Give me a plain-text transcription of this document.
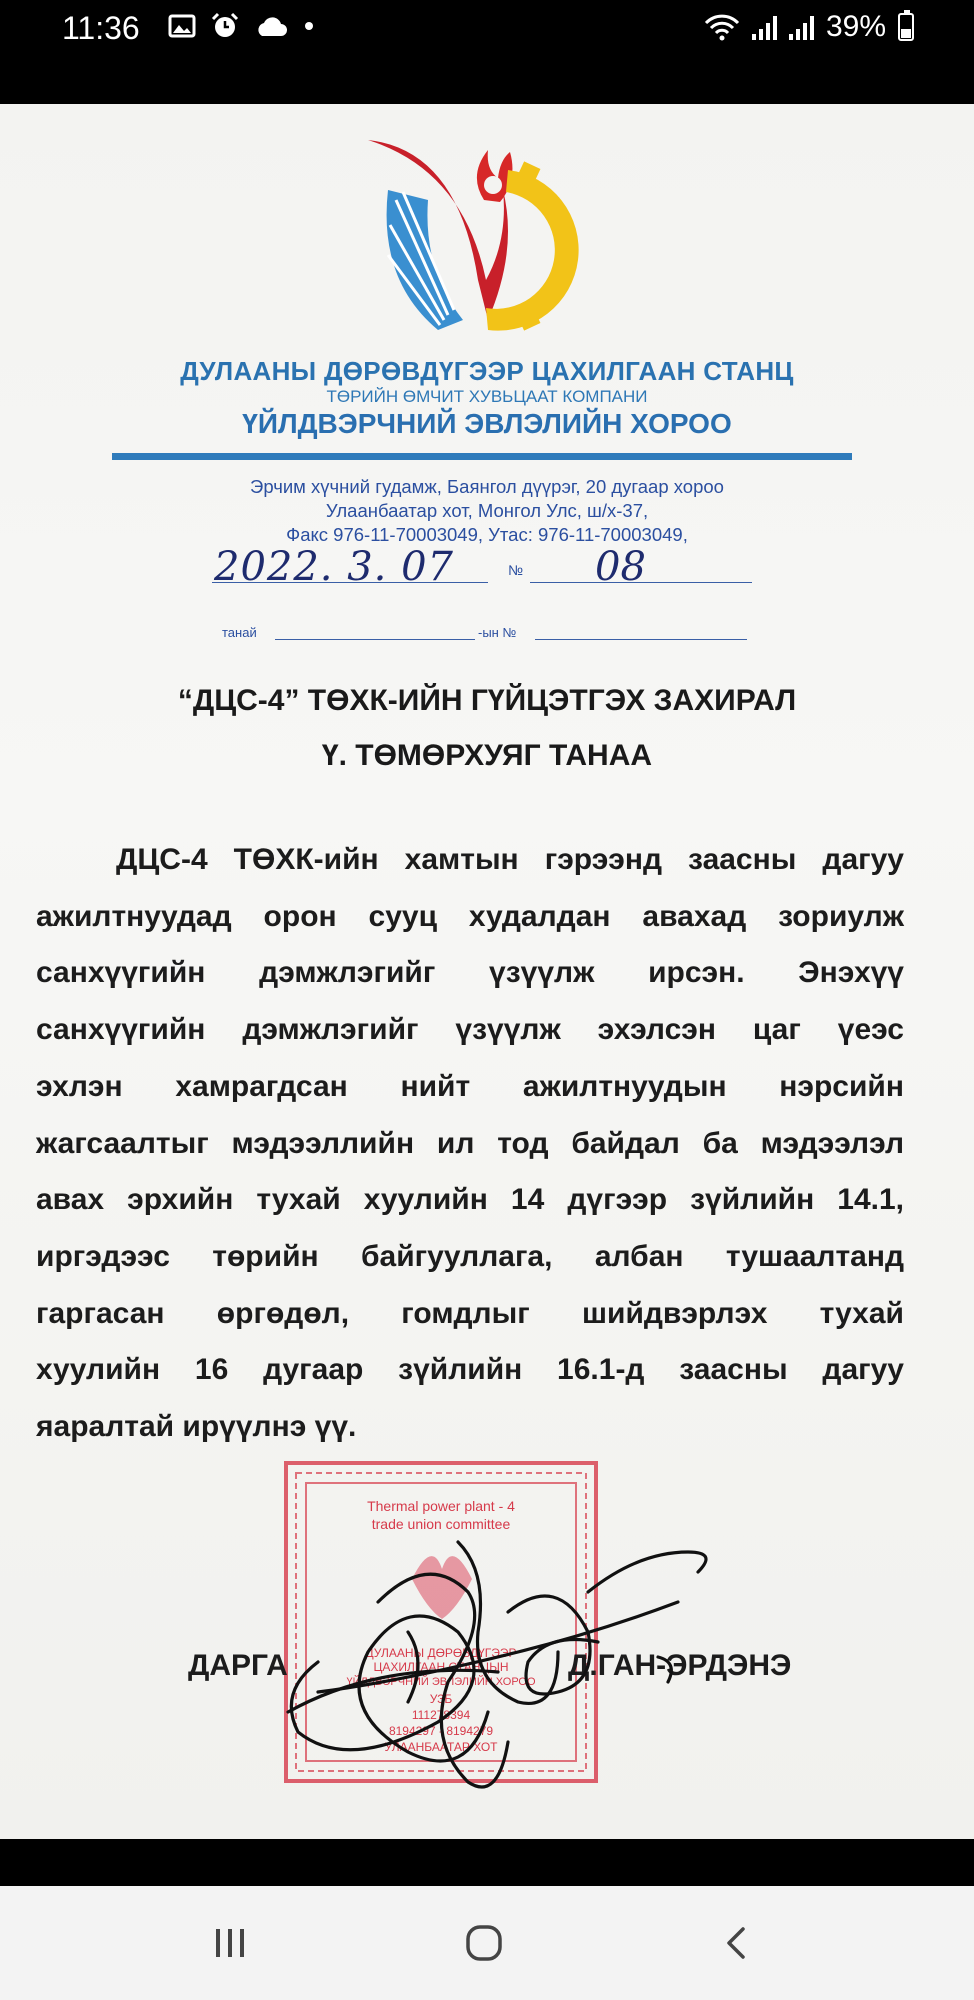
11:36	39%
ДУЛААНЫ ДӨРӨВДҮГЭЭР ЦАХИЛГААН СТАНЦ
ТӨРИЙН ӨМЧИТ ХУВЬЦААТ КОМПАНИ
ҮЙЛДВЭРЧНИЙ ЭВЛЭЛИЙН ХОРОО
Эрчим хүчний гудамж, Баянгол дүүрэг, 20 дугаар хороо
Улаанбаатар хот, Монгол Улс, ш/х-37,
Факс 976-11-70003049, Утас: 976-11-70003049,
2022. 3. 07	№ 08
танай	-ын №
“ДЦС-4” ТӨХК-ИЙН ГҮЙЦЭТГЭХ ЗАХИРАЛ
Ү. ТӨМӨРХУЯГ ТАНАА
ДЦС-4 ТӨХК-ийн хамтын гэрээнд заасны дагуу
ажилтнуудад орон сууц худалдан авахад зориулж
санхүүгийн дэмжлэгийг үзүүлж ирсэн. Энэхүү
санхүүгийн дэмжлэгийг үзүүлж эхэлсэн цаг үеэс
эхлэн хамрагдсан нийт ажилтнуудын нэрсийн
жагсаалтыг мэдээллийн ил тод байдал ба мэдээлэл
авах эрхийн тухай хуулийн 14 дүгээр зүйлийн 14.1,
иргэдээс төрийн байгууллага, албан тушаалтанд
гаргасан өргөдөл, гомдлыг шийдвэрлэх тухай
хуулийн 16 дугаар зүйлийн 16.1-д заасны дагуу
яаралтай ирүүлнэ үү.
Thermal power plant - 4
trade union committee
ДУЛААНЫ ДӨРӨВДҮГЭЭР
ЦАХИЛГААН СТАНЦЫН
ҮЙЛДВЭРЧНИЙ ЭВЛЭЛИЙН ХОРОО
УЗБ
111278394
8194297 - 8194279
УЛААНБААТАР ХОТ
ДАРГА	Д.ГАН-ЭРДЭНЭ
